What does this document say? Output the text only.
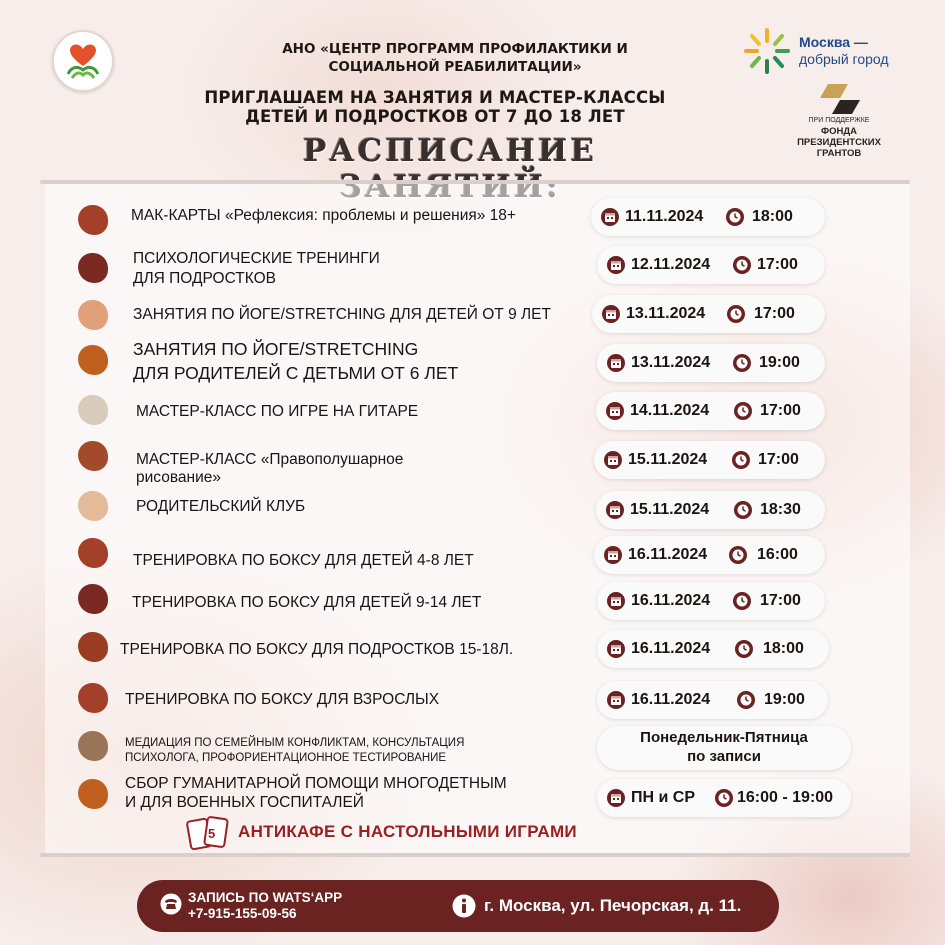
АНО «ЦЕНТР ПРОГРАММ ПРОФИЛАКТИКИ И
СОЦИАЛЬНОЙ РЕАБИЛИТАЦИИ»
ПРИГЛАШАЕМ НА ЗАНЯТИЯ И МАСТЕР-КЛАССЫ
ДЕТЕЙ И ПОДРОСТКОВ ОТ 7 ДО 18 ЛЕТ
РАСПИСАНИЕ
Москва —
добрый город
ПРИ ПОДДЕРЖКЕ
ФОНДА
ПРЕЗИДЕНТСКИХ
ГРАНТОВ
МАК-КАРТЫ «Рефлексия: проблемы и решения» 18+	11.11.2024	18:00
ПСИХОЛОГИЧЕСКИЕ ТРЕНИНГИ
ДЛЯ ПОДРОСТКОВ
12.11.2024	17:00
ЗАНЯТИЯ ПО ЙОГЕ/STRETCHING ДЛЯ ДЕТЕЙ ОТ 9 ЛЕТ	13.11.2024	17:00
ЗАНЯТИЯ ПО ЙОГЕ/STRETCHING
ДЛЯ РОДИТЕЛЕЙ С ДЕТЬМИ ОТ 6 ЛЕТ
13.11.2024	19:00
МАСТЕР-КЛАСС ПО ИГРЕ НА ГИТАРЕ	14.11.2024	17:00
МАСТЕР-КЛАСС «Правополушарное
рисование»
15.11.2024	17:00
РОДИТЕЛЬСКИЙ КЛУБ	15.11.2024	18:30
ТРЕНИРОВКА ПО БОКСУ ДЛЯ ДЕТЕЙ 4-8 ЛЕТ	16.11.2024	16:00
ТРЕНИРОВКА ПО БОКСУ ДЛЯ ДЕТЕЙ 9-14 ЛЕТ	16.11.2024	17:00
ТРЕНИРОВКА ПО БОКСУ ДЛЯ ПОДРОСТКОВ 15-18Л.	16.11.2024	18:00
ТРЕНИРОВКА ПО БОКСУ ДЛЯ ВЗРОСЛЫХ	16.11.2024	19:00
МЕДИАЦИЯ ПО СЕМЕЙНЫМ КОНФЛИКТАМ, КОНСУЛЬТАЦИЯ
ПСИХОЛОГА, ПРОФОРИЕНТАЦИОННОЕ ТЕСТИРОВАНИЕ
Понедельник-Пятница
по записи
СБОР ГУМАНИТАРНОЙ ПОМОЩИ МНОГОДЕТНЫМ
И ДЛЯ ВОЕННЫХ ГОСПИТАЛЕЙ	ПН и СР	16:00 - 19:00
5 АНТИКАФЕ С НАСТОЛЬНЫМИ ИГРАМИ
ЗАПИСЬ ПО WATS‘APP
+7-915-155-09-56	г. Москва, ул. Печорская, д. 11.
